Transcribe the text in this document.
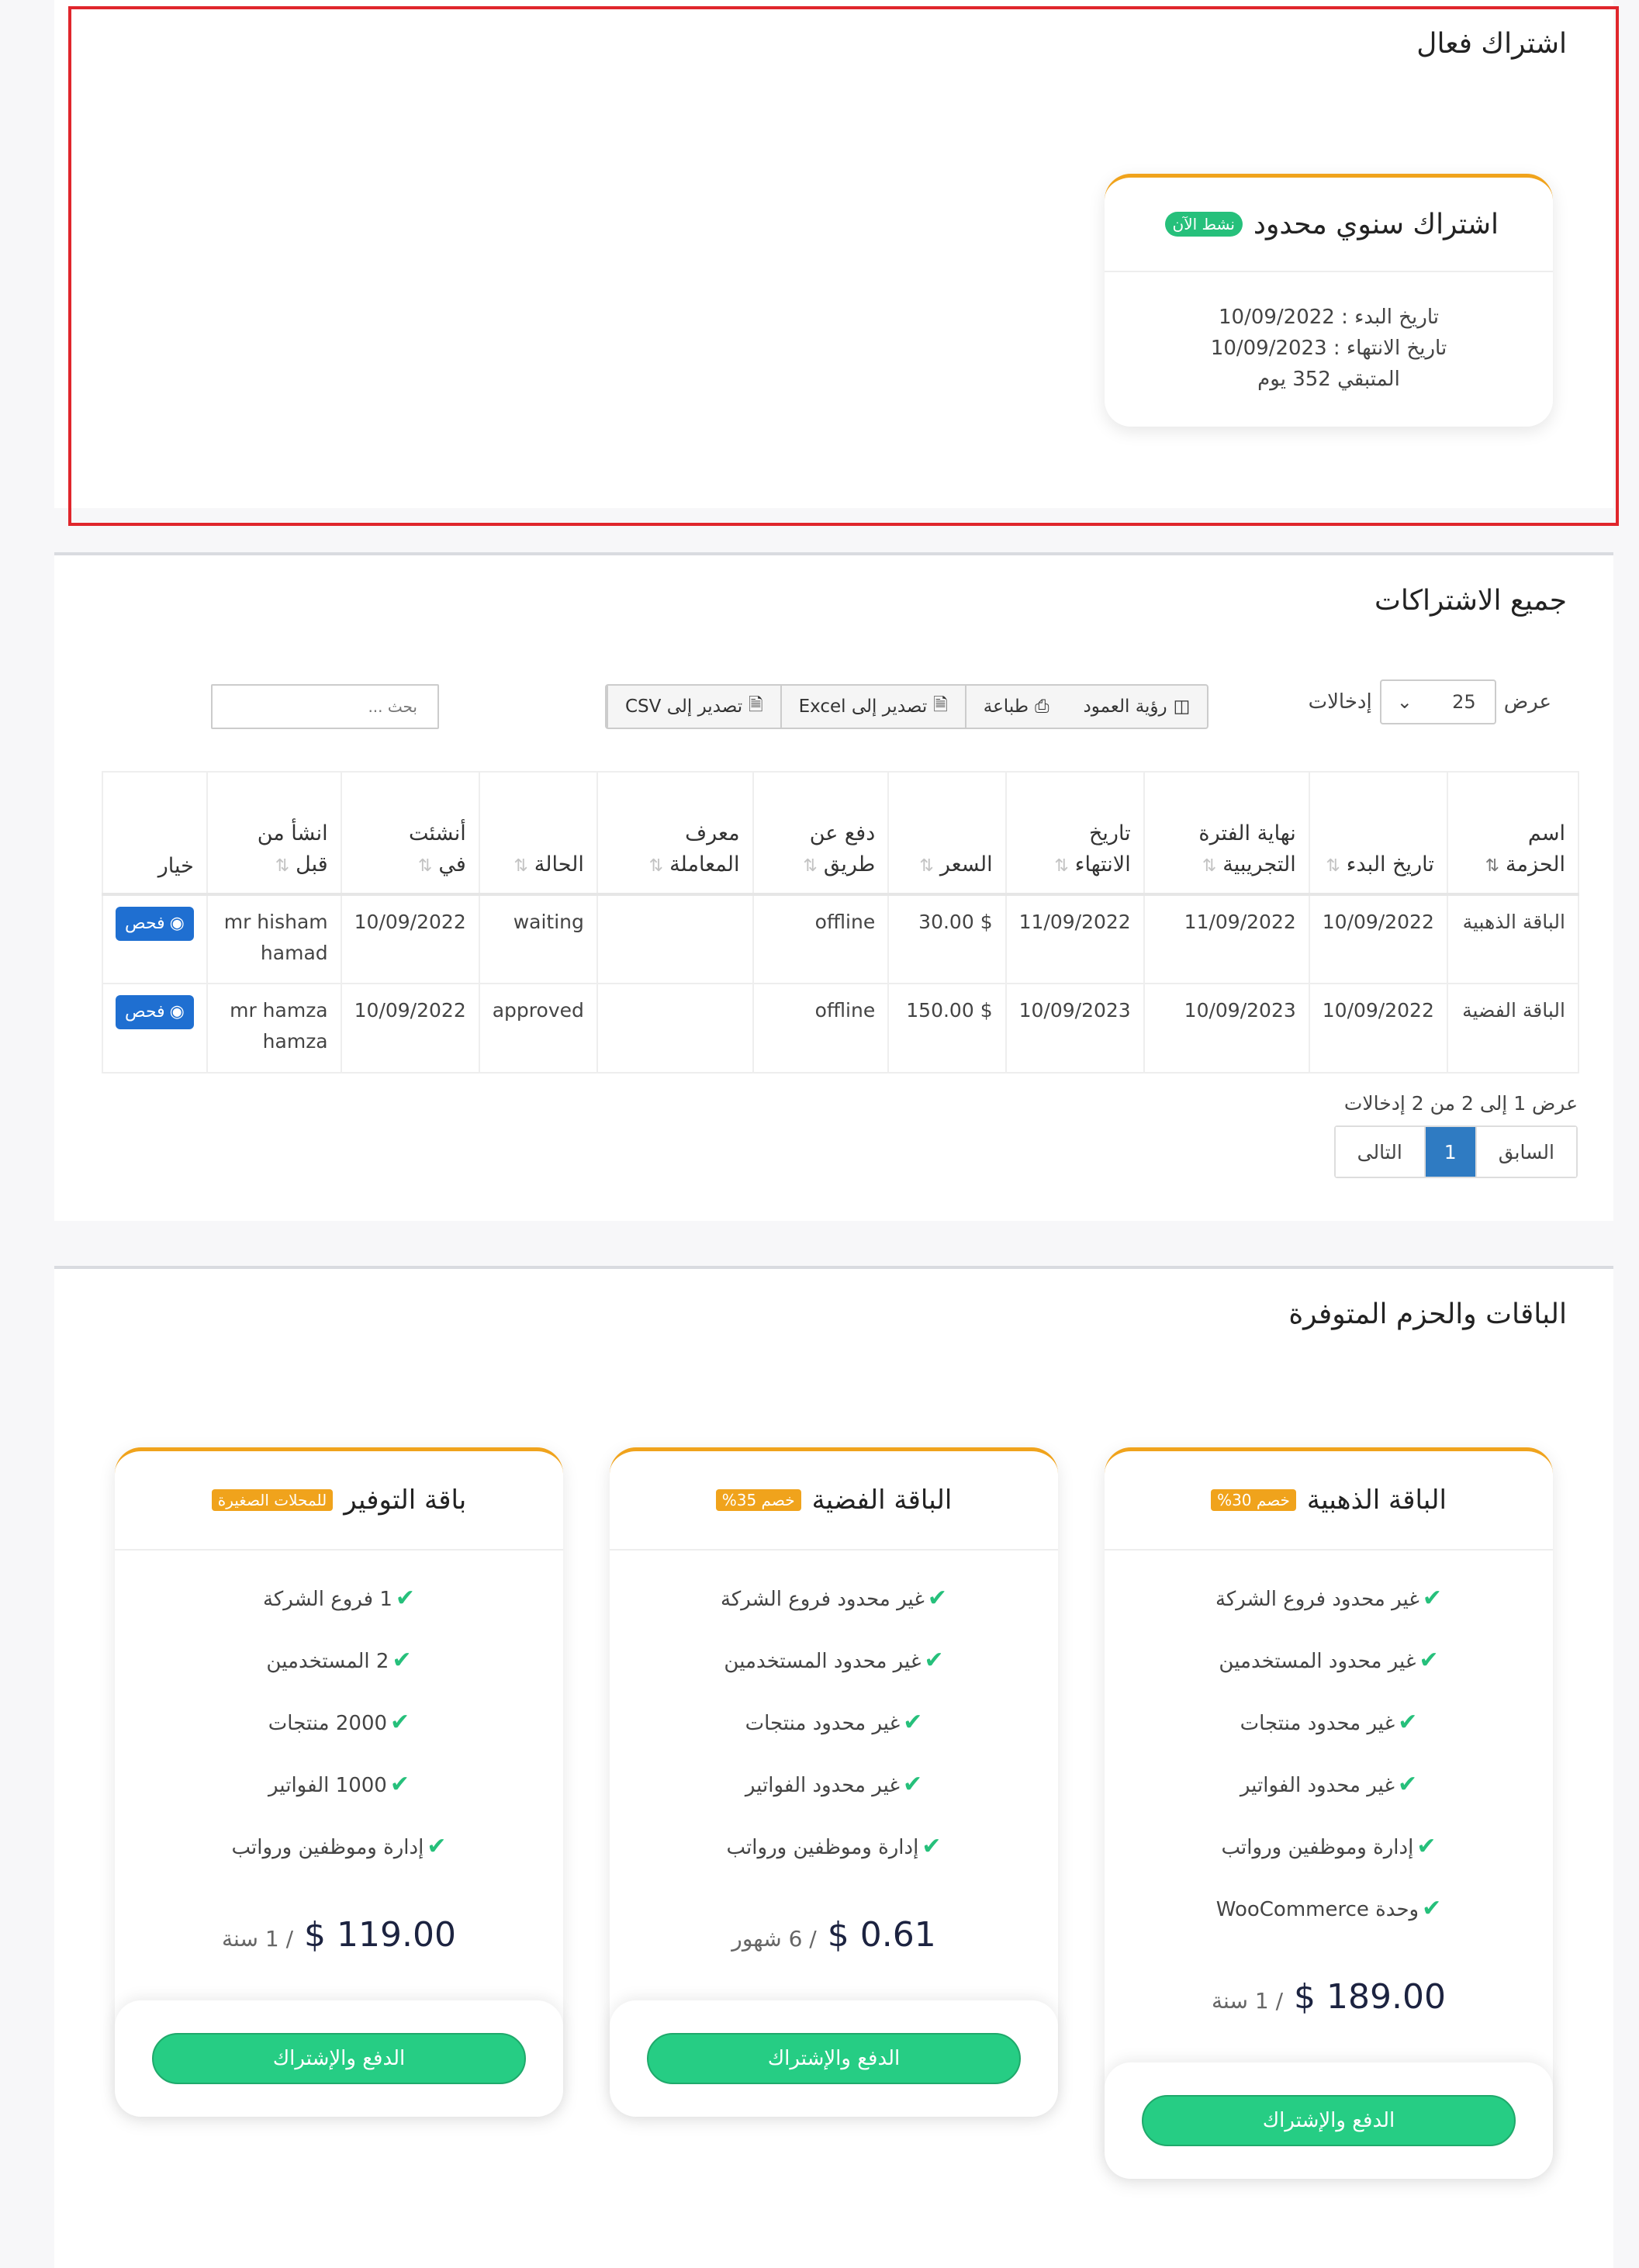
اشتراك فعال
اشتراك سنوي محدود
نشط الآن
تاريخ البدء : 10/09/2022
تاريخ الانتهاء : 10/09/2023
المتبقي 352 يوم
جميع الاشتراكات
عرض
25
⌄
إدخالات
🗎
تصدير إلى CSV	🗎
تصدير إلى Excel	⎙
طباعة	◫
رؤية العمود
بحث ...
اسم الحزمة⇅	تاريخ البدء⇅	نهاية الفترة التجريبية⇅	تاريخ الانتهاء⇅	السعر⇅	دفع عن طريق⇅	معرف المعاملة⇅	الحالة⇅	أنشئت في⇅	انشأ من قبل⇅	خيار
الباقة الذهبية	10/09/2022	11/09/2022	11/09/2022	$ 30.00	offline		waiting	10/09/2022	mr hisham hamad	◉
فحص

الباقة الفضية	10/09/2022	10/09/2023	10/09/2023	$ 150.00	offline		approved	10/09/2022	mr hamza hamza	◉
فحص
عرض 1 إلى 2 من 2 إدخالات
السابق
1
التالى
الباقات والحزم المتوفرة
الباقة الذهبية
خصم 30%
✔غير محدود فروع الشركة
✔غير محدود المستخدمين
✔غير محدود منتجات
✔غير محدود الفواتير
✔إدارة وموظفين ورواتب
✔وحدة WooCommerce
$ 189.00 / 1 سنة
الدفع والإشتراك
الباقة الفضية
خصم 35%
✔غير محدود فروع الشركة
✔غير محدود المستخدمين
✔غير محدود منتجات
✔غير محدود الفواتير
✔إدارة وموظفين ورواتب
$ 0.61 / 6 شهور
الدفع والإشتراك
باقة التوفير
للمحلات الصغيرة
✔1 فروع الشركة
✔2 المستخدمين
✔2000 منتجات
✔1000 الفواتير
✔إدارة وموظفين ورواتب
$ 119.00 / 1 سنة
الدفع والإشتراك
